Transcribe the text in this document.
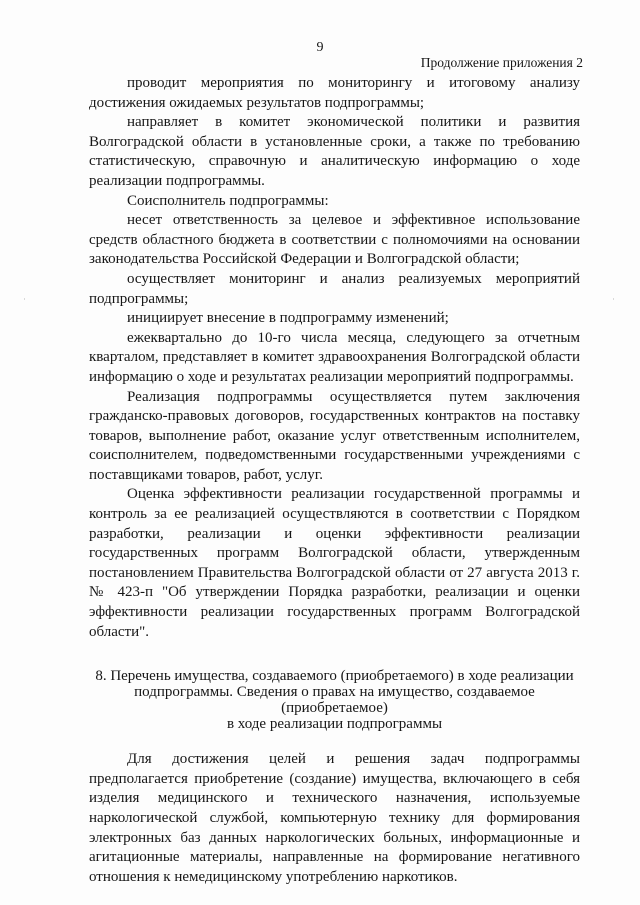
9
Продолжение приложения 2

проводит мероприятия по мониторингу и итоговому анализу достижения ожидаемых результатов подпрограммы;

направляет в комитет экономической политики и развития Волгоградской области в установленные сроки, а также по требованию статистическую, справочную и аналитическую информацию о ходе реализации подпрограммы.

Соисполнитель подпрограммы:

несет ответственность за целевое и эффективное использование средств областного бюджета в соответствии с полномочиями на основании законодательства Российской Федерации и Волгоградской области;

осуществляет мониторинг и анализ реализуемых мероприятий подпрограммы;

инициирует внесение в подпрограмму изменений;

ежеквартально до 10-го числа месяца, следующего за отчетным кварталом, представляет в комитет здравоохранения Волгоградской области информацию о ходе и результатах реализации мероприятий подпрограммы.

Реализация подпрограммы осуществляется путем заключения гражданско-правовых договоров, государственных контрактов на поставку товаров, выполнение работ, оказание услуг ответственным исполнителем, соисполнителем, подведомственными государственными учреждениями с поставщиками товаров, работ, услуг.

Оценка эффективности реализации государственной программы и контроль за ее реализацией осуществляются в соответствии с Порядком разработки, реализации и оценки эффективности реализации государственных программ Волгоградской области, утвержденным постановлением Правительства Волгоградской области от 27 августа 2013 г. № 423-п "Об утверждении Порядка разработки, реализации и оценки эффективности реализации государственных программ Волгоградской области".

8. Перечень имущества, создаваемого (приобретаемого) в ходе реализации
подпрограммы. Сведения о правах на имущество, создаваемое (приобретаемое)
в ходе реализации подпрограммы

Для достижения целей и решения задач подпрограммы предполагается приобретение (создание) имущества, включающего в себя изделия медицинского и технического назначения, используемые наркологической службой, компьютерную технику для формирования электронных баз данных наркологических больных, информационные и агитационные материалы, направленные на формирование негативного отношения к немедицинскому употреблению наркотиков.
